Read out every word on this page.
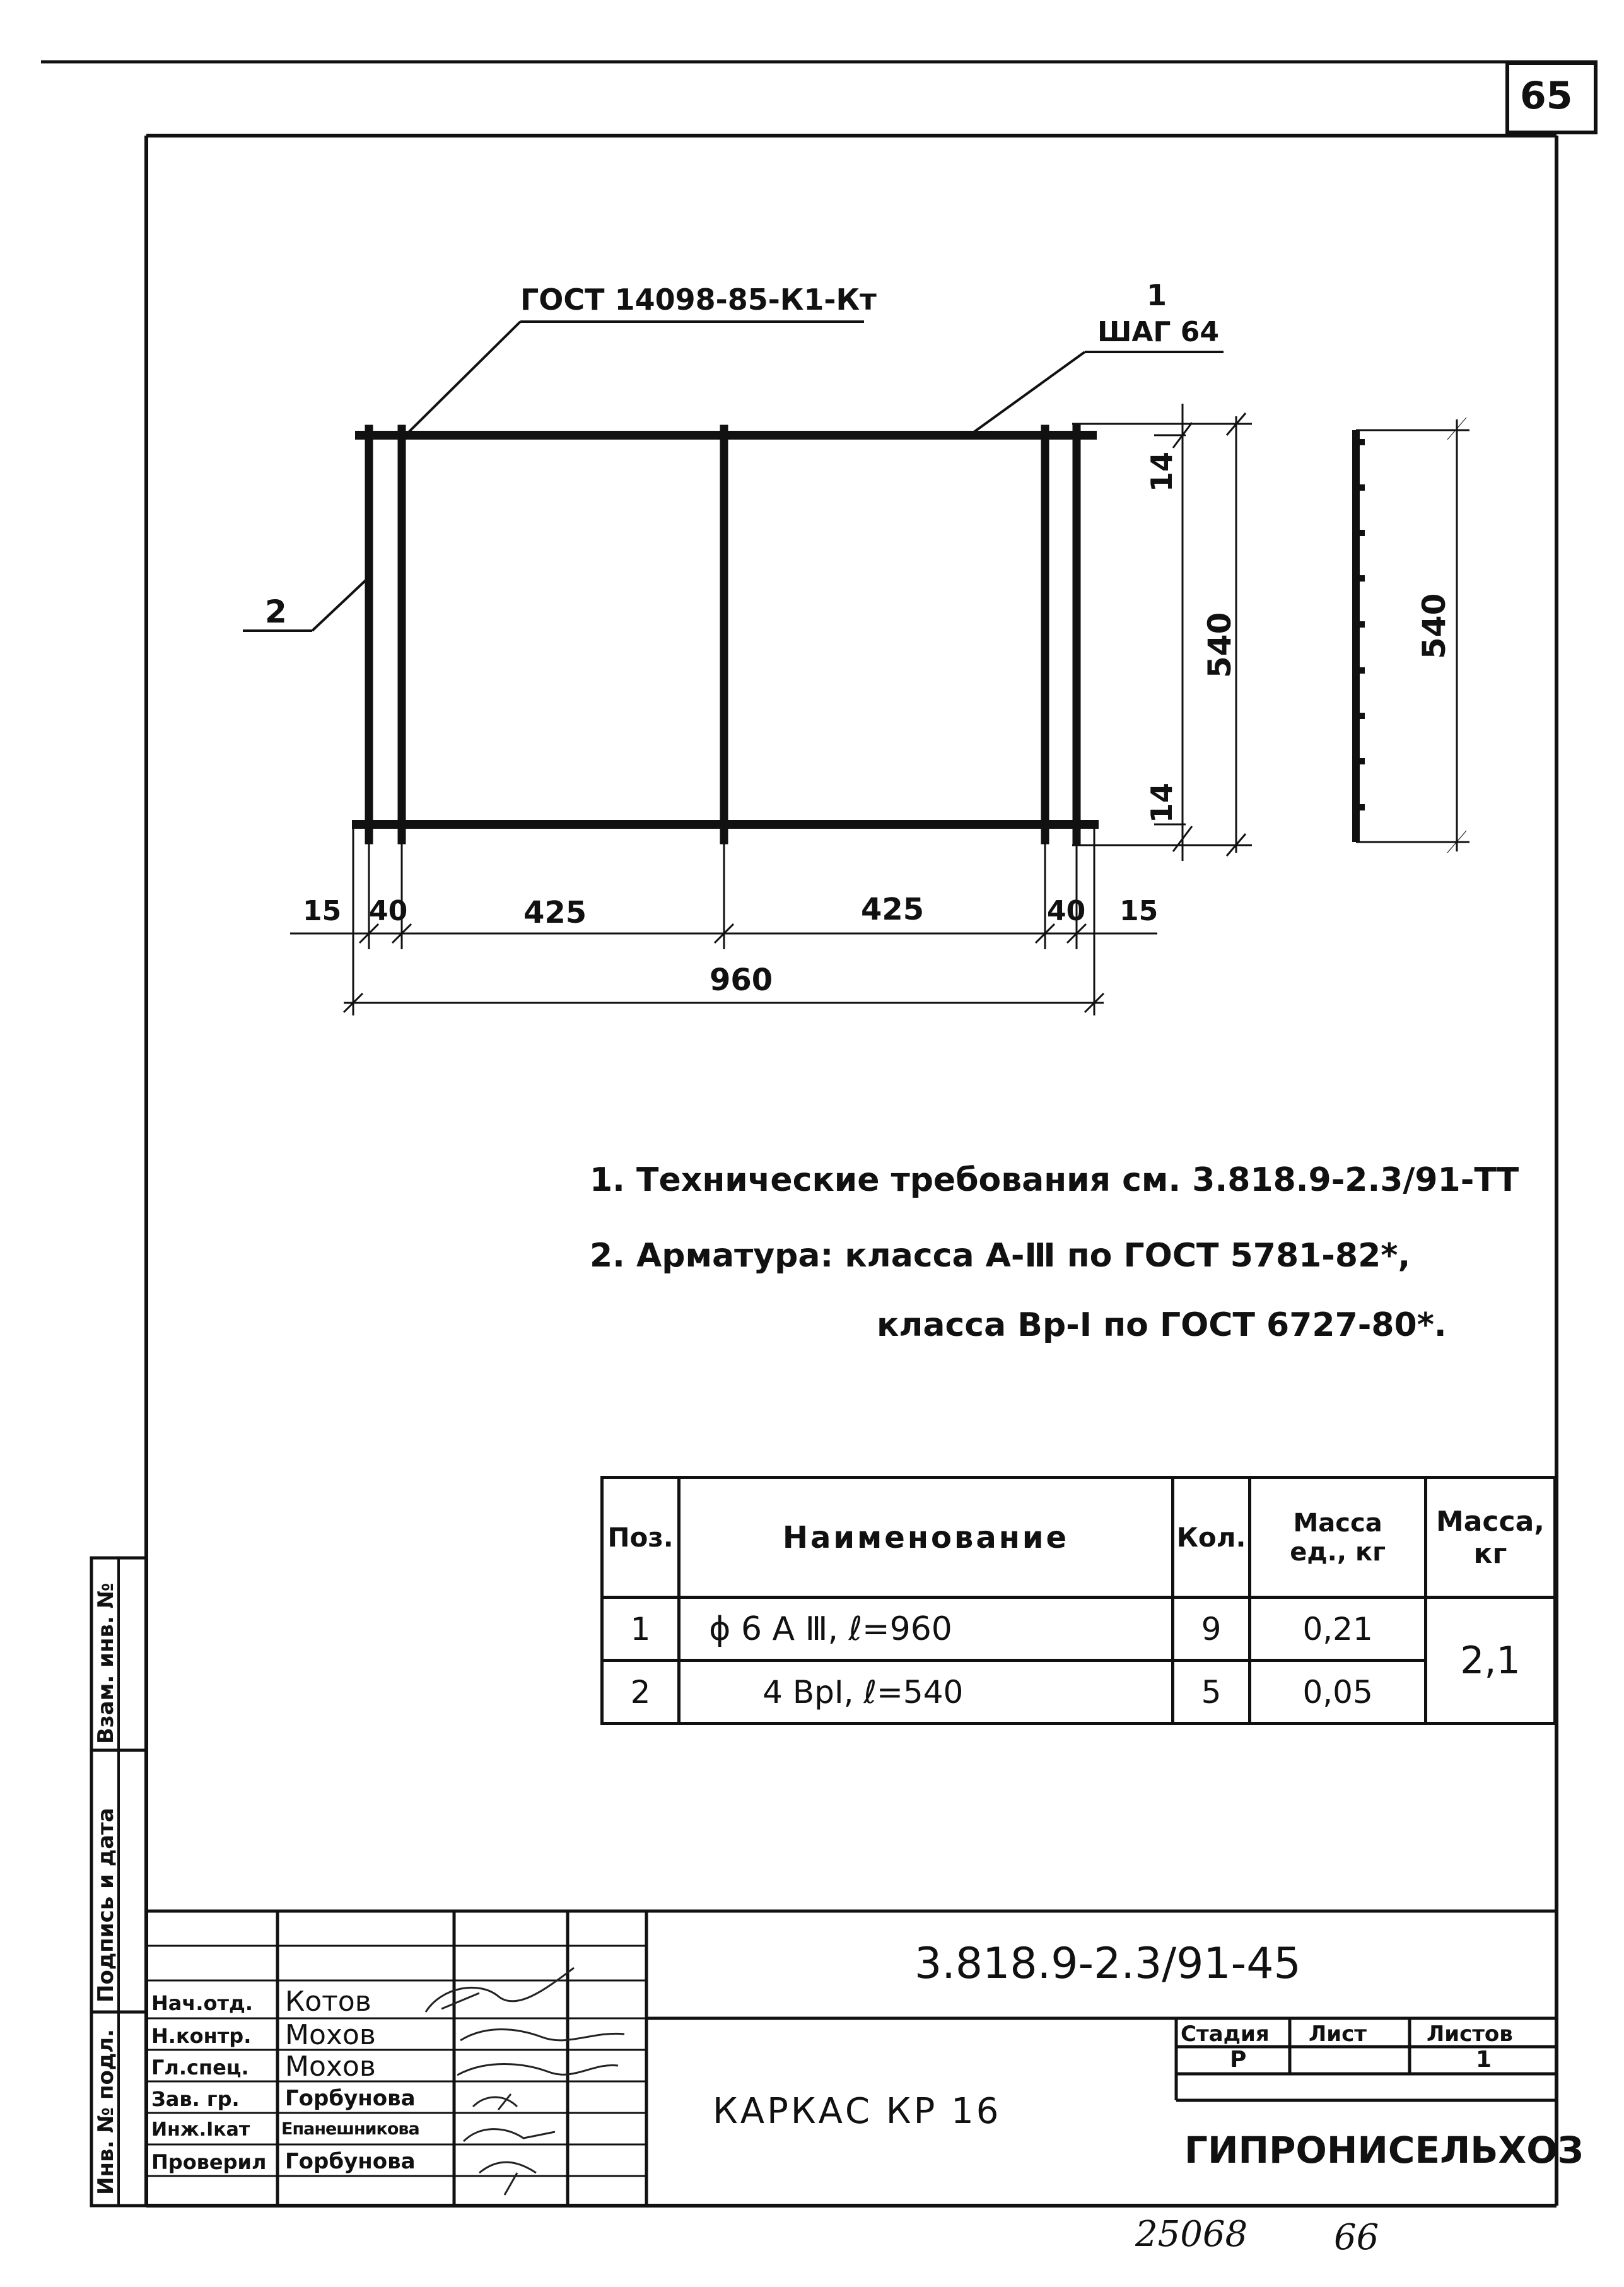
65
ГОСТ 14098-85-К1-Кт	1
ШАГ 64
2
14
14
540	540
15 40	425	425	40 15
960
1. Технические требования см. 3.818.9-2.3/91-ТТ
2. Арматура: класса А-Ⅲ по ГОСТ 5781-82*,
класса Вр-Ⅰ по ГОСТ 6727-80*.
Поз.	Наименование	Кол.	Масса ед., кг	Масса, кг
1	ϕ 6 А Ⅲ, ℓ=960	9	0,21	2,1
2	4 ВрⅠ, ℓ=540	5	0,05	
Инв. № подл.
Подпись и дата
Взам. инв. №
3.818.9-2.3/91-45
КАРКАС КР 16
Стадия Лист	Листов
Р	1
ГИПРОНИСЕЛЬХОЗ
Нач.отд. Котов
Н.контр. Мохов
Гл.спец. Мохов
Зав. гр. Горбунова
Инж.Ⅰкат Епанешникова
Проверил Горбунова
25068 66
